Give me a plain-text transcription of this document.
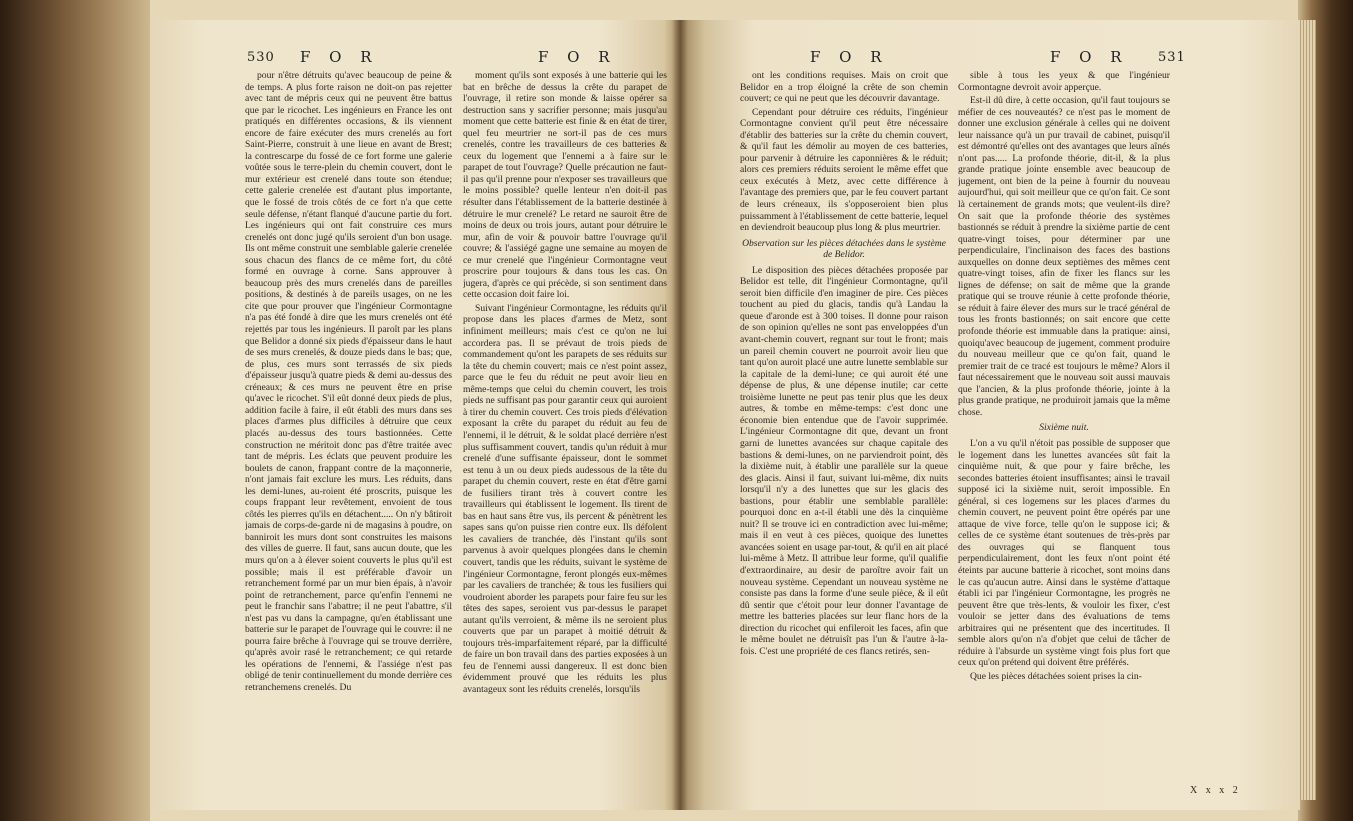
530 F O R	F O R

pour n'être détruits qu'avec beaucoup de peine & de temps. A plus forte raison ne doit-on pas rejetter avec tant de mépris ceux qui ne peuvent être battus que par le ricochet. Les ingénieurs en France les ont pratiqués en différentes occasions, & ils viennent encore de faire exécuter des murs crenelés au fort Saint-Pierre, construit à une lieue en avant de Brest; la contrescarpe du fossé de ce fort forme une galerie voûtée sous le terre-plein du chemin couvert, dont le mur extérieur est crenelé dans toute son étendue; cette galerie crenelée est d'autant plus importante, que le fossé de trois côtés de ce fort n'a que cette seule défense, n'étant flanqué d'aucune partie du fort. Les ingénieurs qui ont fait construire ces murs crenelés ont donc jugé qu'ils seroient d'un bon usage. Ils ont même construit une semblable galerie crenelée sous chacun des flancs de ce même fort, du côté formé en ouvrage à corne. Sans approuver à beaucoup près des murs crenelés dans de pareilles positions, & destinés à de pareils usages, on ne les cite que pour prouver que l'ingénieur Cormontagne n'a pas été fondé à dire que les murs crenelés ont été rejettés par tous les ingénieurs. Il paroît par les plans que Belidor a donné six pieds d'épaisseur dans le haut de ses murs crenelés, & douze pieds dans le bas; que, de plus, ces murs sont terrassés de six pieds d'épaisseur jusqu'à quatre pieds & demi au-dessus des créneaux; & ces murs ne peuvent être en prise qu'avec le ricochet. S'il eût donné deux pieds de plus, addition facile à faire, il eût établi des murs dans ses places d'armes plus difficiles à détruire que ceux placés au-dessus des tours bastionnées. Cette construction ne méritoit donc pas d'être traitée avec tant de mépris. Les éclats que peuvent produire les boulets de canon, frappant contre de la maçonnerie, n'ont jamais fait exclure les murs. Les réduits, dans les demi-lunes, au-roient été proscrits, puisque les coups frappant leur revêtement, envoient de tous côtés les pierres qu'ils en détachent..... On n'y bâtiroit jamais de corps-de-garde ni de magasins à poudre, on banniroit les murs dont sont construites les maisons des villes de guerre. Il faut, sans aucun doute, que les murs qu'on a à élever soient couverts le plus qu'il est possible; mais il est préférable d'avoir un retranchement formé par un mur bien épais, à n'avoir point de retranchement, parce qu'enfin l'ennemi ne peut le franchir sans l'abattre; il ne peut l'abattre, s'il n'est pas vu dans la campagne, qu'en établissant une batterie sur le parapet de l'ouvrage qui le couvre: il ne pourra faire brêche à l'ouvrage qui se trouve derrière, qu'après avoir rasé le retranchement; ce qui retarde les opérations de l'ennemi, & l'assiége n'est pas obligé de tenir continuellement du monde derrière ces retranchemens crenelés. Du

moment qu'ils sont exposés à une batterie qui les bat en brêche de dessus la crête du parapet de l'ouvrage, il retire son monde & laisse opérer sa destruction sans y sacrifier personne; mais jusqu'au moment que cette batterie est finie & en état de tirer, quel feu meurtrier ne sort-il pas de ces murs crenelés, contre les travailleurs de ces batteries & ceux du logement que l'ennemi a à faire sur le parapet de tout l'ouvrage? Quelle précaution ne faut-il pas qu'il prenne pour n'exposer ses travailleurs que le moins possible? quelle lenteur n'en doit-il pas résulter dans l'établissement de la batterie destinée à détruire le mur crenelé? Le retard ne sauroit être de moins de deux ou trois jours, autant pour détruire le mur, afin de voir & pouvoir battre l'ouvrage qu'il couvre; & l'assiégé gagne une semaine au moyen de ce mur crenelé que l'ingénieur Cormontagne veut proscrire pour toujours & dans tous les cas. On jugera, d'après ce qui précède, si son sentiment dans cette occasion doit faire loi.

Suivant l'ingénieur Cormontagne, les réduits qu'il propose dans les places d'armes de Metz, sont infiniment meilleurs; mais c'est ce qu'on ne lui accordera pas. Il se prévaut de trois pieds de commandement qu'ont les parapets de ses réduits sur la tête du chemin couvert; mais ce n'est point assez, parce que le feu du réduit ne peut avoir lieu en même-temps que celui du chemin couvert, les trois pieds ne suffisant pas pour garantir ceux qui auroient à tirer du chemin couvert. Ces trois pieds d'élévation exposant la crête du parapet du réduit au feu de l'ennemi, il le détruit, & le soldat placé derrière n'est plus suffisamment couvert, tandis qu'un réduit à mur crenelé d'une suffisante épaisseur, dont le sommet est tenu à un ou deux pieds audessous de la tête du parapet du chemin couvert, reste en état d'être garni de fusiliers tirant très à couvert contre les travailleurs qui établissent le logement. Ils tirent de bas en haut sans être vus, ils percent & pénètrent les sapes sans qu'on puisse rien contre eux. Ils défolent les cavaliers de tranchée, dès l'instant qu'ils sont parvenus à avoir quelques plongées dans le chemin couvert, tandis que les réduits, suivant le système de l'ingénieur Cormontagne, feront plongés eux-mêmes par les cavaliers de tranchée; & tous les fusiliers qui voudroient aborder les parapets pour faire feu sur les têtes des sapes, seroient vus par-dessus le parapet autant qu'ils verroient, & même ils ne seroient plus couverts que par un parapet à moitié détruit & toujours très-imparfaitement réparé, par la difficulté de faire un bon travail dans des parties exposées à un feu de l'ennemi aussi dangereux. Il est donc bien évidemment prouvé que les réduits les plus avantageux sont les réduits crenelés, lorsqu'ils

F O R	F O R 531

ont les conditions requises. Mais on croit que Belidor en a trop éloigné la crête de son chemin couvert; ce qui ne peut que les découvrir davantage.

Cependant pour détruire ces réduits, l'ingénieur Cormontagne convient qu'il peut être nécessaire d'établir des batteries sur la crête du chemin couvert, & qu'il faut les démolir au moyen de ces batteries, pour parvenir à détruire les caponnières & le réduit; alors ces premiers réduits seroient le même effet que ceux exécutés à Metz, avec cette différence à l'avantage des premiers que, par le feu couvert partant de leurs créneaux, ils s'opposeroient bien plus puissamment à l'établissement de cette batterie, lequel en deviendroit beaucoup plus long & plus meurtrier.

Observation sur les pièces détachées dans le système de Belidor.

Le disposition des pièces détachées proposée par Belidor est telle, dit l'ingénieur Cormontagne, qu'il seroit bien difficile d'en imaginer de pire. Ces pièces touchent au pied du glacis, tandis qu'à Landau la queue d'aronde est à 300 toises. Il donne pour raison de son opinion qu'elles ne sont pas enveloppées d'un avant-chemin couvert, regnant sur tout le front; mais un pareil chemin couvert ne pourroit avoir lieu que tant qu'on auroit placé une autre lunette semblable sur la capitale de la demi-lune; ce qui auroit été une dépense de plus, & une dépense inutile; car cette troisième lunette ne peut pas tenir plus que les deux autres, & tombe en même-temps: c'est donc une économie bien entendue que de l'avoir supprimée. L'ingénieur Cormontagne dit que, devant un front garni de lunettes avancées sur chaque capitale des bastions & demi-lunes, on ne parviendroit point, dès la dixième nuit, à établir une parallèle sur la queue des glacis. Ainsi il faut, suivant lui-même, dix nuits lorsqu'il n'y a des lunettes que sur les glacis des bastions, pour établir une semblable parallèle: pourquoi donc en a-t-il établi une dès la cinquième nuit? Il se trouve ici en contradiction avec lui-même; mais il en veut à ces pièces, quoique des lunettes avancées soient en usage par-tout, & qu'il en ait placé lui-même à Metz. Il attribue leur forme, qu'il qualifie d'extraordinaire, au desir de paroître avoir fait un nouveau système. Cependant un nouveau système ne consiste pas dans la forme d'une seule pièce, & il eût dû sentir que c'étoit pour leur donner l'avantage de mettre les batteries placées sur leur flanc hors de la direction du ricochet qui enfileroit les faces, afin que le même boulet ne détruisît pas l'un & l'autre à-la-fois. C'est une propriété de ces flancs retirés, sen-

sible à tous les yeux & que l'ingénieur Cormontagne devroit avoir apperçue.

Est-il dû dire, à cette occasion, qu'il faut toujours se méfier de ces nouveautés? ce n'est pas le moment de donner une exclusion générale à celles qui ne doivent leur naissance qu'à un pur travail de cabinet, puisqu'il est démontré qu'elles ont des avantages que leurs aînés n'ont pas..... La profonde théorie, dit-il, & la plus grande pratique jointe ensemble avec beaucoup de jugement, ont bien de la peine à fournir du nouveau aujourd'hui, qui soit meilleur que ce qu'on fait. Ce sont là certainement de grands mots; que veulent-ils dire? On sait que la profonde théorie des systèmes bastionnés se réduit à prendre la sixième partie de cent quatre-vingt toises, pour déterminer par une perpendiculaire, l'inclinaison des faces des bastions auxquelles on donne deux septièmes des mêmes cent quatre-vingt toises, afin de fixer les flancs sur les lignes de défense; on sait de même que la grande pratique qui se trouve réunie à cette profonde théorie, se réduit à faire élever des murs sur le tracé général de tous les fronts bastionnés; on sait encore que cette profonde théorie est immuable dans la pratique: ainsi, quoiqu'avec beaucoup de jugement, comment produire du nouveau meilleur que ce qu'on fait, quand le premier trait de ce tracé est toujours le même? Alors il faut nécessairement que le nouveau soit aussi mauvais que l'ancien, & la plus profonde théorie, jointe à la plus grande pratique, ne produiroit jamais que la même chose.

Sixième nuit.

L'on a vu qu'il n'étoit pas possible de supposer que le logement dans les lunettes avancées sût fait la cinquième nuit, & que pour y faire brêche, les secondes batteries étoient insuffisantes; ainsi le travail supposé ici la sixième nuit, seroit impossible. En général, si ces logemens sur les places d'armes du chemin couvert, ne peuvent point être opérés par une attaque de vive force, telle qu'on le suppose ici; & celles de ce système étant soutenues de très-près par des ouvrages qui se flanquent tous perpendiculairement, dont les feux n'ont point été éteints par aucune batterie à ricochet, sont moins dans le cas qu'aucun autre. Ainsi dans le système d'attaque établi ici par l'ingénieur Cormontagne, les progrès ne peuvent être que très-lents, & vouloir les fixer, c'est vouloir se jetter dans des évaluations de tems arbitraires qui ne présentent que des incertitudes. Il semble alors qu'on n'a d'objet que celui de tâcher de réduire à l'absurde un système vingt fois plus fort que ceux qu'on prétend qui doivent être préférés.

Que les pièces détachées soient prises la cin-

X x x 2
